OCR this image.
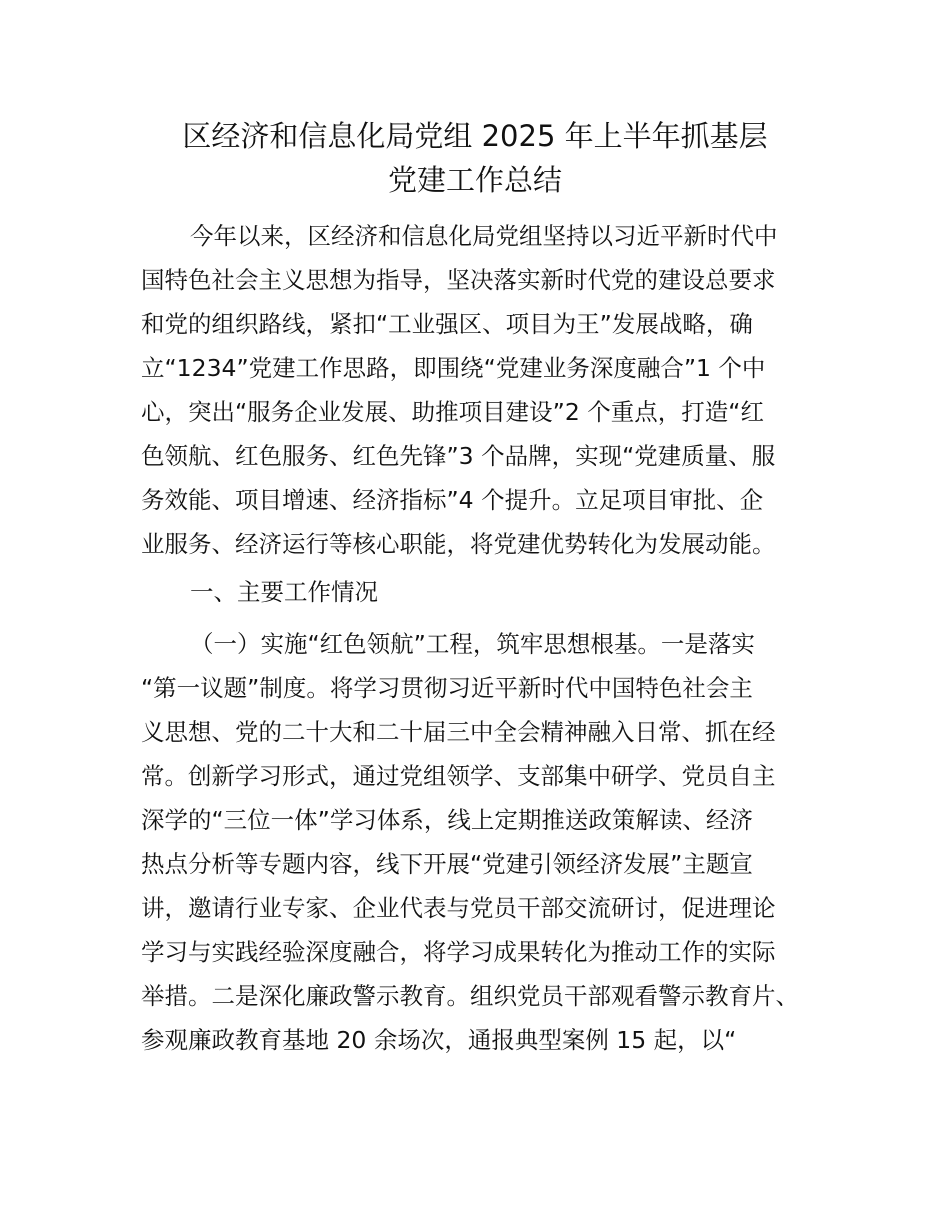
区经济和信息化局党组 2025 年上半年抓基层
党建工作总结
今年以来，区经济和信息化局党组坚持以习近平新时代中
国特色社会主义思想为指导，坚决落实新时代党的建设总要求
和党的组织路线，紧扣“工业强区、项目为王”发展战略，确
立“1234”党建工作思路，即围绕“党建业务深度融合”1 个中
心，突出“服务企业发展、助推项目建设”2 个重点，打造“红
色领航、红色服务、红色先锋”3 个品牌，实现“党建质量、服
务效能、项目增速、经济指标”4 个提升。立足项目审批、企
业服务、经济运行等核心职能，将党建优势转化为发展动能。
一、主要工作情况
（一）实施“红色领航”工程，筑牢思想根基。一是落实
“第一议题”制度。将学习贯彻习近平新时代中国特色社会主
义思想、党的二十大和二十届三中全会精神融入日常、抓在经
常。创新学习形式，通过党组领学、支部集中研学、党员自主
深学的“三位一体”学习体系，线上定期推送政策解读、经济
热点分析等专题内容，线下开展“党建引领经济发展”主题宣
讲，邀请行业专家、企业代表与党员干部交流研讨，促进理论
学习与实践经验深度融合，将学习成果转化为推动工作的实际
举措。二是深化廉政警示教育。组织党员干部观看警示教育片、
参观廉政教育基地 20 余场次，通报典型案例 15 起，以“
